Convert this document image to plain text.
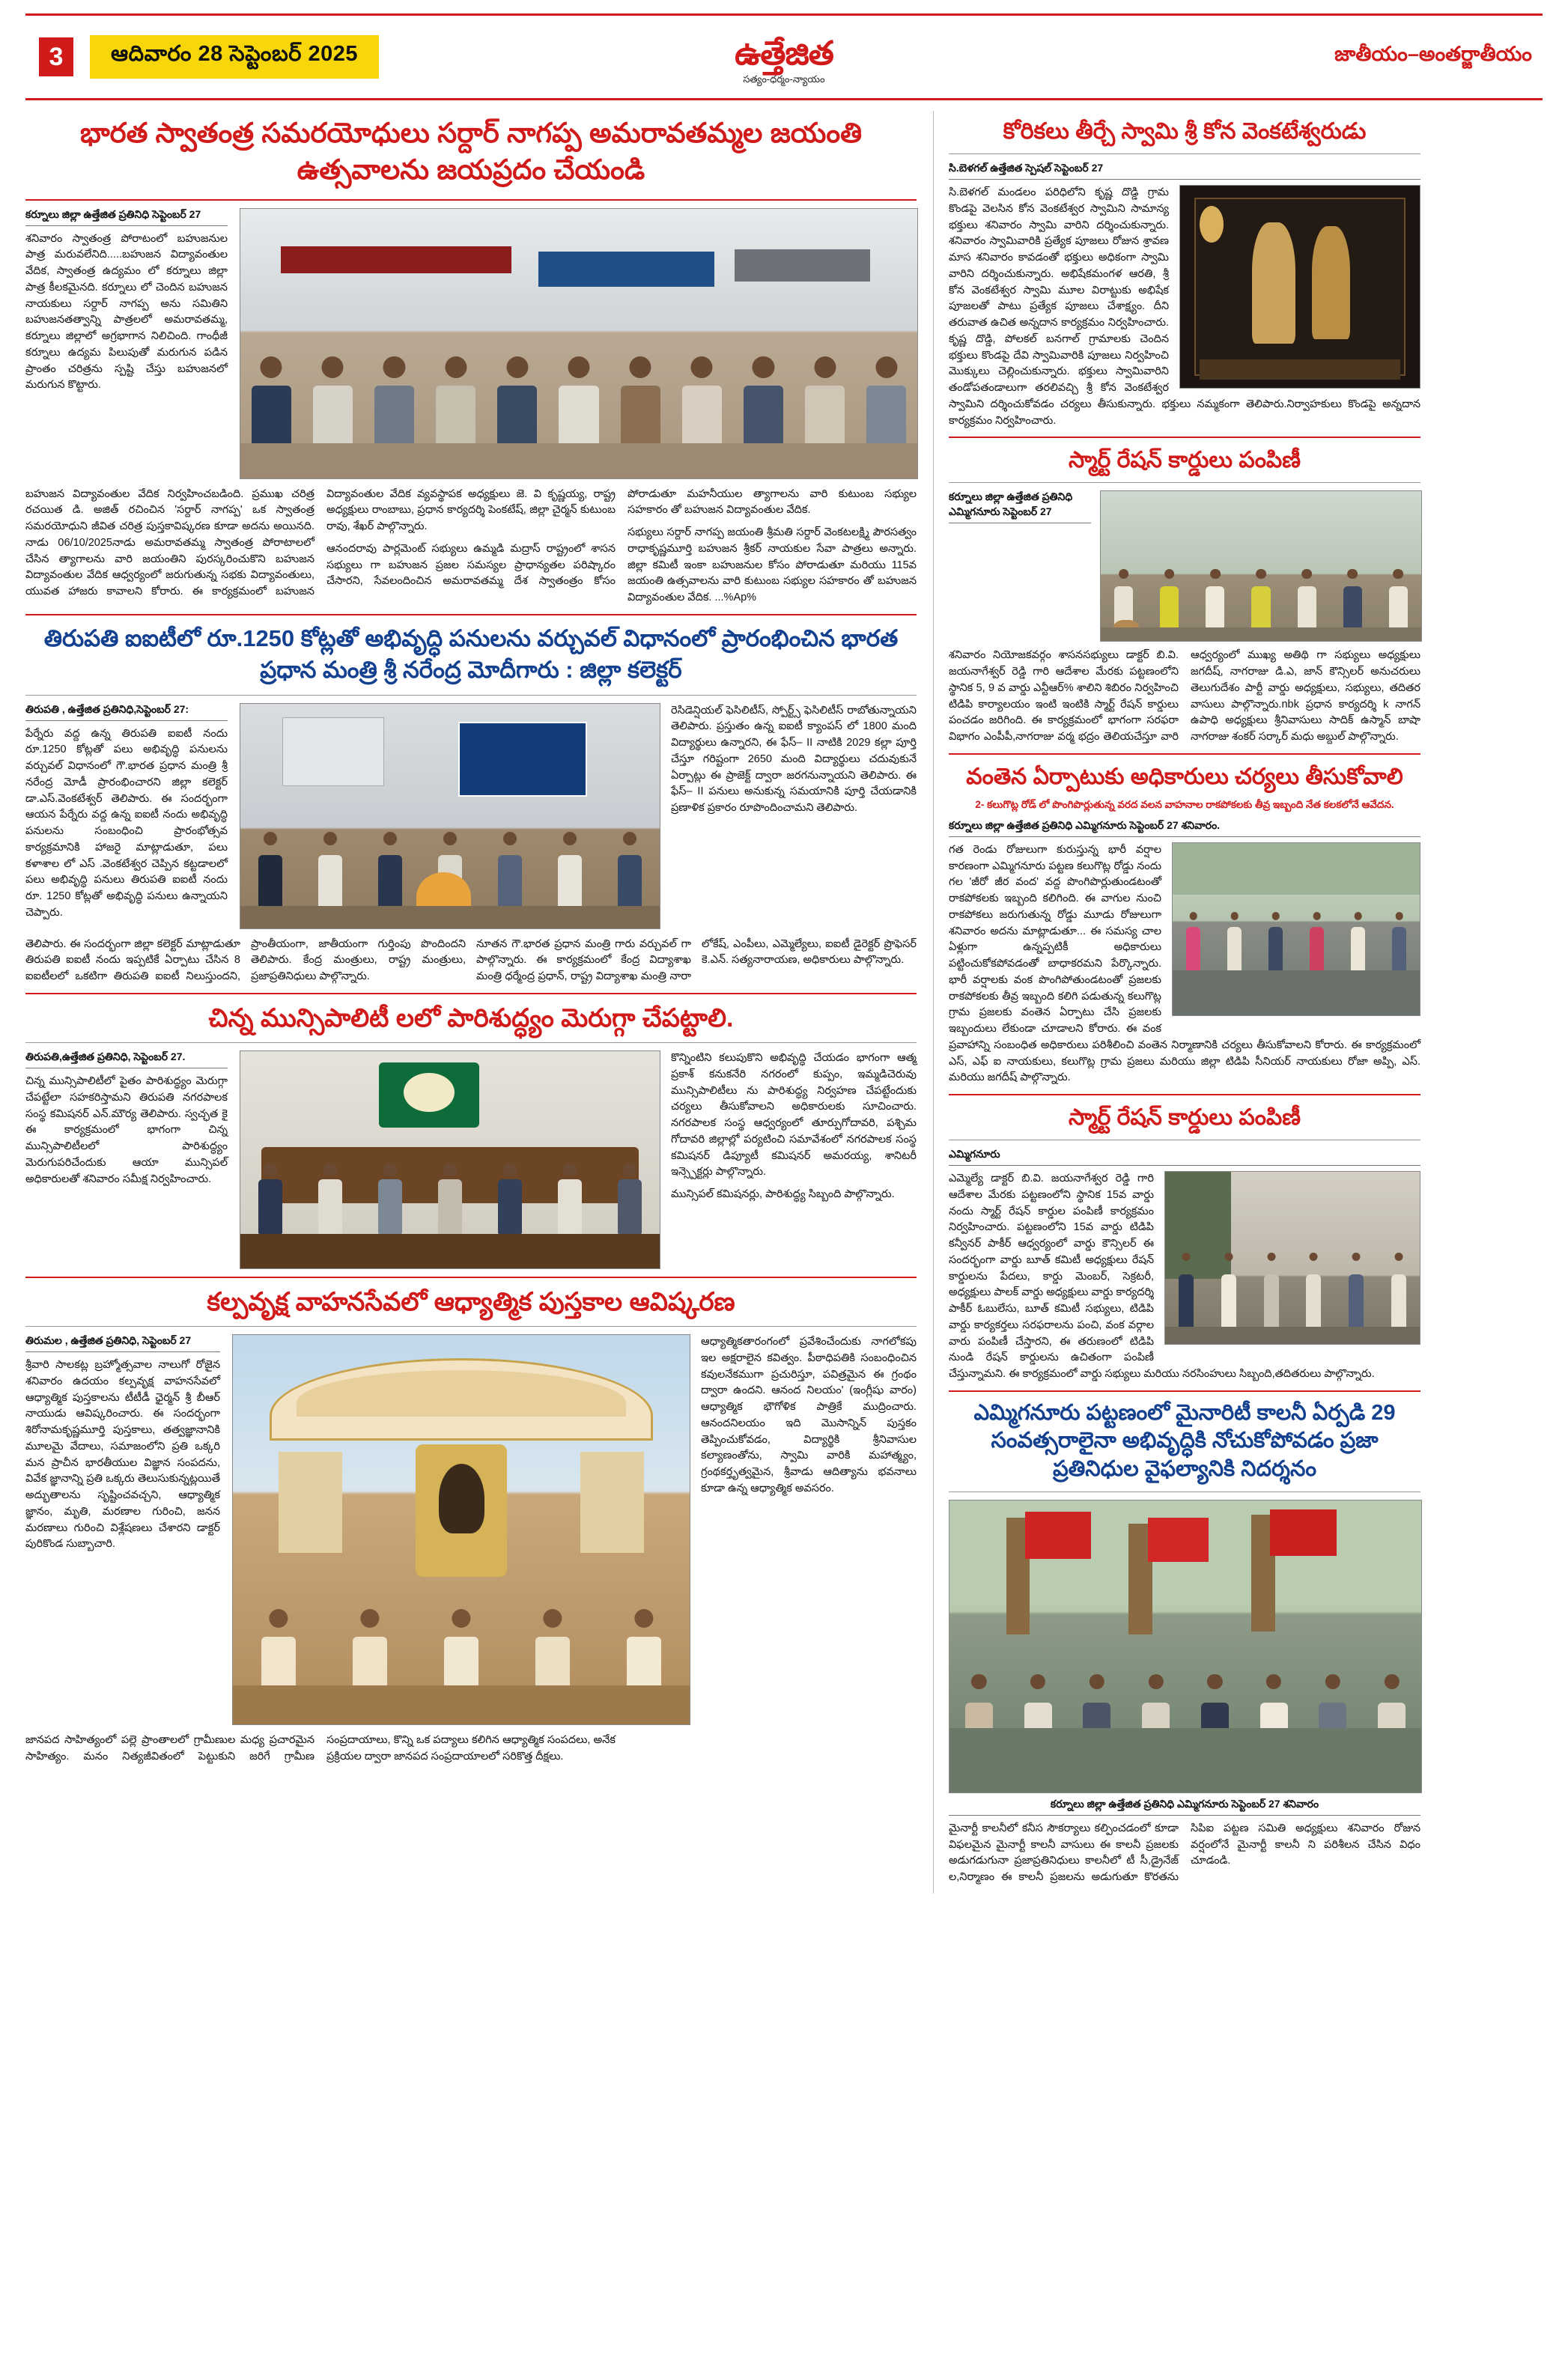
3	ఆదివారం 28 సెప్టెంబర్ 2025	ఉత్తేజిత
సత్యం-ధర్మం-న్యాయం
జాతీయం–అంతర్జాతీయం
భారత స్వాతంత్ర సమరయోధులు సర్దార్ నాగప్ప అమరావతమ్మల జయంతి ఉత్సవాలను జయప్రదం చేయండి
కర్నూలు జిల్లా ఉత్తేజిత ప్రతినిధి సెప్టెంబర్ 27
శనివారం స్వాతంత్ర పోరాటంలో బహుజనుల పాత్ర మరువలేనిది.....బహుజన విద్యావంతుల వేదిక, స్వాతంత్ర ఉద్యమం లో కర్నూలు జిల్లా పాత్ర కీలకమైనది. కర్నూలు లో చెందిన బహుజన నాయకులు సర్దార్ నాగప్ప అను సమితిని బహుజనతత్వాన్ని పాత్రలలో అమరావతమ్మ, కర్నూలు జిల్లాలో అగ్రభాగాన నిలిచింది. గాంధీజీ కర్నూలు ఉద్యమ పిలుపుతో మరుగున పడిన ప్రాంతం చరిత్రను స్పష్టి చేస్తు బహుజనలో మరుగున కొట్టారు.
బహుజన విద్యావంతుల వేదిక నిర్వహించబడింది. ప్రముఖ చరిత్ర రచయిత డి. అజిత్ రచించిన 'సర్దార్ నాగప్ప' ఒక స్వాతంత్ర సమరయోధుని జీవిత చరిత్ర పుస్తకావిష్కరణ కూడా అదను అయినది. నాడు 06/10/2025నాడు అమరావతమ్మ స్వాతంత్ర పోరాటాలలో చేసిన త్యాగాలను వారి జయంతిని పురస్కరించుకొని బహుజన విద్యావంతుల వేదిక ఆధ్వర్యంలో జరుగుతున్న సభకు విద్యావంతులు, యువత హాజరు కావాలని కోరారు. ఈ కార్యక్రమంలో బహుజన విద్యావంతుల వేదిక వ్యవస్థాపక అధ్యక్షులు జె. వి కృష్ణయ్య, రాష్ట్ర అధ్యక్షులు రాంబాబు, ప్రధాన కార్యదర్శి పెంకటేష్, జిల్లా చైర్మన్ కుటుంబ రావు, శేఖర్ పాల్గొన్నారు.
ఆనందరావు పార్లమెంట్ సభ్యులు ఉమ్మడి మద్రాస్ రాష్ట్రంలో శాసన సభ్యులు గా బహుజన ప్రజల సమస్యల ప్రాధాన్యతల పరిష్కారం చేసారని, సేవలందించిన అమరావతమ్మ దేశ స్వాతంత్రం కోసం పోరాడుతూ మహనీయుల త్యాగాలను వారి కుటుంబ సభ్యుల సహకారం తో బహుజన విద్యావంతుల వేదిక.
సభ్యులు సర్దార్ నాగప్ప జయంతి శ్రీమతి సర్దార్ వెంకటలక్ష్మి పౌరసత్వం రాధాకృష్ణమూర్తి బహుజన శ్రీకర్ నాయకుల సేవా పాత్రలు అన్నారు. జిల్లా కమిటీ ఇంకా బహుజనుల కోసం పోరాడుతూ మరియు 115వ జయంతి ఉత్సవాలను వారి కుటుంబ సభ్యుల సహకారం తో బహుజన విద్యావంతుల వేదిక. ...%Ap%
తిరుపతి ఐఐటీలో రూ.1250 కోట్లతో అభివృద్ధి పనులను వర్చువల్ విధానంలో ప్రారంభించిన భారత ప్రధాన మంత్రి శ్రీ నరేంద్ర మోదీగారు : జిల్లా కలెక్టర్
తిరుపతి , ఉత్తేజిత ప్రతినిధి,సెప్టెంబర్ 27:
పేర్నేరు వద్ద ఉన్న తిరుపతి ఐఐటీ నందు రూ.1250 కోట్లతో పలు అభివృద్ధి పనులను వర్చువల్ విధానంలో గౌ.భారత ప్రధాన మంత్రి శ్రీ నరేంద్ర మోడీ ప్రారంభించారని జిల్లా కలెక్టర్ డా.ఎస్.వెంకటేశ్వర్ తెలిపారు. ఈ సందర్భంగా ఆయన పేర్నేరు వద్ద ఉన్న ఐఐటీ నందు అభివృద్ధి పనులను సంబంధించి ప్రారంభోత్సవ కార్యక్రమానికి హాజరై మాట్లాడుతూ, పలు కళాశాల లో ఎస్ .వెంకటేశ్వర చెప్పిన కట్టడాలలో పలు అభివృద్ధి పనులు తిరుపతి ఐఐటీ నందు రూ. 1250 కోట్లతో అభివృద్ధి పనులు ఉన్నాయని చెప్పారు.
రెసిడెన్షియల్ ఫెసిలిటీస్, స్పోర్ట్స్ ఫెసిలిటీస్ రాబోతున్నాయని తెలిపారు. ప్రస్తుతం ఉన్న ఐఐటీ క్యాంపస్ లో 1800 మంది విద్యార్థులు ఉన్నారని, ఈ ఫేస్– II నాటికి 2029 కల్లా పూర్తి చేస్తూ గరిష్టంగా 2650 మంది విద్యార్థులు చదువుకునే ఏర్పాట్లు ఈ ప్రాజెక్ట్ ద్వారా జరగనున్నాయని తెలిపారు. ఈ ఫేస్– II పనులు అనుకున్న సమయానికి పూర్తి చేయడానికి ప్రణాళిక ప్రకారం రూపొందించామని తెలిపారు.
తెలిపారు. ఈ సందర్భంగా జిల్లా కలెక్టర్ మాట్లాడుతూ తిరుపతి ఐఐటీ నందు ఇప్పటికే ఏర్పాటు చేసిన 8 ఐఐటీలలో ఒకటిగా తిరుపతి ఐఐటీ నిలుస్తుందని, ప్రాంతీయంగా, జాతీయంగా గుర్తింపు పొందిందని తెలిపారు. కేంద్ర మంత్రులు, రాష్ట్ర మంత్రులు, ప్రజాప్రతినిధులు పాల్గొన్నారు.
నూతన గౌ.భారత ప్రధాన మంత్రి గారు వర్చువల్ గా పాల్గొన్నారు. ఈ కార్యక్రమంలో కేంద్ర విద్యాశాఖ మంత్రి ధర్మేంద్ర ప్రధాన్, రాష్ట్ర విద్యాశాఖ మంత్రి నారా లోకేష్, ఎంపీలు, ఎమ్మెల్యేలు, ఐఐటీ డైరెక్టర్ ప్రొఫెసర్ కె.ఎన్. సత్యనారాయణ, అధికారులు పాల్గొన్నారు.
చిన్న మున్సిపాలిటీ లలో పారిశుద్ధ్యం మెరుగ్గా చేపట్టాలి.
తిరుపతి,ఉత్తేజిత ప్రతినిధి, సెప్టెంబర్ 27.
చిన్న మున్సిపాలిటీలో పైతం పారిశుద్ధ్యం మెరుగ్గా చేపట్టేలా సహకరిస్తామని తిరుపతి నగరపాలక సంస్థ కమిషనర్ ఎన్.మౌర్య తెలిపారు. స్వచ్ఛత కై ఈ కార్యక్రమంలో భాగంగా చిన్న మున్సిపాలిటీలలో పారిశుద్ధ్యం మెరుగుపరిచేందుకు ఆయా మున్సిపల్ అధికారులతో శనివారం సమీక్ష నిర్వహించారు.
కొన్నింటిని కలుపుకొని అభివృద్ధి చేయడం భాగంగా ఆత్మ ప్రకాశ్ కనుకనేరి నగరంలో కుప్పం, ఇమ్మడిచెరువు మున్సిపాలిటీలు ను పారిశుద్ధ్య నిర్వహణ చేపట్టేందుకు చర్యలు తీసుకోవాలని అధికారులకు సూచించారు. నగరపాలక సంస్థ ఆధ్వర్యంలో తూర్పుగోదావరి, పశ్చిమ గోదావరి జిల్లాల్లో పర్యటించి సమావేశంలో నగరపాలక సంస్థ కమిషనర్ డిప్యూటీ కమిషనర్ అమరయ్య, శానిటరీ ఇన్స్పెక్టర్లు పాల్గొన్నారు.
మున్సిపల్ కమిషనర్లు, పారిశుద్ధ్య సిబ్బంది పాల్గొన్నారు.
కల్పవృక్ష వాహనసేవలో ఆధ్యాత్మిక పుస్తకాల ఆవిష్కరణ
తిరుమల , ఉత్తేజిత ప్రతినిధి, సెప్టెంబర్ 27
శ్రీవారి సాలకట్ల బ్రహ్మోత్సవాల నాలుగో రోజైన శనివారం ఉదయం కల్పవృక్ష వాహనసేవలో ఆధ్యాత్మిక పుస్తకాలను టీటీడీ ఛైర్మన్ శ్రీ బీఆర్ నాయుడు ఆవిష్కరించారు. ఈ సందర్భంగా శిరోనామకృష్ణమూర్తి పుస్తకాలు, తత్వజ్ఞానానికి మూలమై వేదాలు, సమాజంలోని ప్రతి ఒక్కరి మన ప్రాచీన భారతీయుల విజ్ఞాన సంపదను, వివేక జ్ఞానాన్ని ప్రతి ఒక్కరు తెలుసుకున్నట్లయితే అద్భుతాలను సృష్టించవచ్చని, ఆధ్యాత్మిక జ్ఞానం, మృతి, మరణాల గురించి, జనన మరణాలు గురించి విశ్లేషణలు చేశారని డాక్టర్ పురికొండ సుబ్బాచారి.
ఆధ్యాత్మికతారంగంలో ప్రవేశించేందుకు నాగలోకపు ఇల అక్షరాలైన కవిత్వం. పీఠాధిపతికి సంబంధించిన కవులనేకముగా ప్రచురిస్తూ, పవిత్రమైన ఈ గ్రంథం ద్వారా ఉందని. ఆనంద నిలయం' (ఇంగ్లీషు వారం) ఆధ్యాత్మిక భౌగోళిక పాత్రికే ముద్రించారు. ఆనందనిలయం ఇది మెుసాన్నిన్ పుస్తకం తెప్పించుకోవడం, విద్యార్థికి శ్రీనివాసుల కల్యాణంతోను, స్వామి వారికి మహాత్మ్యం, గ్రంథకర్తృత్వమైన, శ్రీవాడు ఆదిత్యాను భవనాలు కూడా ఉన్న ఆధ్యాత్మిక అవసరం.
జానపద సాహిత్యంలో పల్లె ప్రాంతాలలో గ్రామీణుల మధ్య ప్రచారమైన సాహిత్యం. మనం నిత్యజీవితంలో పెట్టుకుని జరిగే గ్రామీణ సంప్రదాయాలు, కొన్ని ఒక పద్యాలు కలిగిన ఆధ్యాత్మిక సంపదలు, అనేక ప్రక్రియల ద్వారా జానపద సంప్రదాయాలలో సరికొత్త దీక్షలు.
కోరికలు తీర్చే స్వామి శ్రీ కోన వెంకటేశ్వరుడు
సి.బెళగల్ ఉత్తేజిత స్పెషల్ సెప్టెంబర్ 27
సి.బెళగల్ మండలం పరిధిలోని కృష్ణ దొడ్డి గ్రామ కొండపై వెలసిన కోన వెంకటేశ్వర స్వామిని సామాన్య భక్తులు శనివారం స్వామి వారిని దర్శించుకున్నారు. శనివారం స్వామివారికి ప్రత్యేక పూజలు రోజున శ్రావణ మాస శనివారం కావడంతో భక్తులు అధికంగా స్వామి వారిని దర్శించుకున్నారు. అభిషేకమంగళ ఆరతి, శ్రీ కోన వెంకటేశ్వర స్వామి మూల విరాట్టుకు అభిషేక పూజలతో పాటు ప్రత్యేక పూజలు చేశాక్ష్యం. దీని తరువాత ఉచిత అన్నదాన కార్యక్రమం నిర్వహించారు. కృష్ణ దొడ్డి, పోలకల్ బనగాల్ గ్రామాలకు చెందిన భక్తులు కొండపై దేవి స్వామివారికి పూజలు నిర్వహించి మొక్కులు చెల్లించుకున్నారు. భక్తులు స్వామివారిని తండోపతండాలుగా తరలివచ్చి శ్రీ కోన వెంకటేశ్వర స్వామిని దర్శించుకోవడం చర్యలు తీసుకున్నారు. భక్తులు నమ్మకంగా తెలిపారు.నిర్వాహకులు కొండపై అన్నదాన కార్యక్రమం నిర్వహించారు.
స్మార్ట్ రేషన్ కార్డులు పంపిణీ
కర్నూలు జిల్లా ఉత్తేజిత ప్రతినిధి ఎమ్మిగనూరు సెప్టెంబర్ 27
శనివారం నియోజకవర్గం శాసనసభ్యులు డాక్టర్ బి.వి. జయనాగేశ్వర్ రెడ్డి గారి ఆదేశాల మేరకు పట్టణంలోని స్థానిక 5, 9 వ వార్డు ఎన్టీఆర్% శాలిని శిబిరం నిర్వహించి టిడిపి కార్యాలయం ఇంటి ఇంటికి స్మార్ట్ రేషన్ కార్డులు పంచడం జరిగింది. ఈ కార్యక్రమంలో భాగంగా సరఫరా విభాగం ఎంపీపీ,నాగరాజు వర్మ భద్రం తెలియచేస్తూ వారి ఆధ్వర్యంలో ముఖ్య అతిథి గా సభ్యులు అధ్యక్షులు జగదీష్, నాగరాజు డి.ఎ, జాన్ కౌన్సిలర్ అనుచరులు తెలుగుదేశం పార్టీ వార్డు అధ్యక్షులు, సభ్యులు, తదితర వాసులు పాల్గొన్నారు.nbk ప్రధాన కార్యదర్శి k నాగన్ ఉపాధి అధ్యక్షులు శ్రీనివాసులు సాదిక్ ఉస్మాన్ బాషా నాగరాజు శంకర్ సర్కార్ మధు అబ్దుల్ పాల్గొన్నారు.
వంతెన ఏర్పాటుకు అధికారులు చర్యలు తీసుకోవాలి
2- కలుగొట్ల రోడ్ లో పొంగిపొర్లుతున్న వరద వలన వాహనాల రాకపోకలకు తీవ్ర ఇబ్బంది నేత కలకలోనే ఆవేదన.
కర్నూలు జిల్లా ఉత్తేజిత ప్రతినిధి ఎమ్మిగనూరు సెప్టెంబర్ 27 శనివారం.
గత రెండు రోజులుగా కురుస్తున్న భారీ వర్షాల కారణంగా ఎమ్మిగనూరు పట్టణ కలుగొట్ల రోడ్డు నందు గల 'జీరో జీర వంద' వద్ద పొంగిపొర్లుతుండటంతో రాకపోకలకు ఇబ్బంది కలిగింది. ఈ వాగుల నుంచి రాకపోకలు జరుగుతున్న రోడ్డు మూడు రోజులుగా శనివారం అదను మాట్లాడుతూ... ఈ సమస్య చాల ఏళ్లుగా ఉన్నప్పటికీ అధికారులు పట్టించుకోకపోవడంతో బాధాకరమని పేర్కొన్నారు. భారీ వర్షాలకు వంక పొంగిపోతుండటంతో ప్రజలకు రాకపోకలకు తీవ్ర ఇబ్బంది కలిగి పడుతున్న కలుగొట్ల గ్రామ ప్రజలకు వంతెన ఏర్పాటు చేసి ప్రజలకు ఇబ్బందులు లేకుండా చూడాలని కోరారు. ఈ వంక ప్రవాహాన్ని సంబంధిత అధికారులు పరిశీలించి వంతెన నిర్మాణానికి చర్యలు తీసుకోవాలని కోరారు. ఈ కార్యక్రమంలో ఎస్, ఎఫ్ ఐ నాయకులు, కలుగొట్ల గ్రామ ప్రజలు మరియు జిల్లా టిడిపి సీనియర్ నాయకులు రోజా అప్పి, ఎస్. మరియు జగదీష్ పాల్గొన్నారు.
స్మార్ట్ రేషన్ కార్డులు పంపిణీ
ఎమ్మిగనూరు
ఎమ్మెల్యే డాక్టర్ బి.వి. జయనాగేశ్వర రెడ్డి గారి ఆదేశాల మేరకు పట్టణంలోని స్థానిక 15వ వార్డు నందు స్మార్ట్ రేషన్ కార్డుల పంపిణీ కార్యక్రమం నిర్వహించారు. పట్టణంలోని 15వ వార్డు టిడిపి కన్వీనర్ పాకీర్ ఆధ్వర్యంలో వార్డు కౌన్సిలర్ ఈ సందర్భంగా వార్డు బూత్ కమిటీ అధ్యక్షులు రేషన్ కార్డులను పేదలు, కార్డు మెంబర్, సెక్రటరీ, అధ్యక్షులు పాలక్ వార్డు అధ్యక్షులు వార్డు కార్యదర్శి పాకీర్ ఓబులేసు, బూత్ కమిటీ సభ్యులు, టిడిపి వార్డు కార్యకర్తలు సరఫరాలను పంచి, వంక వర్గాల వారు పంపిణీ చేస్తారని, ఈ తరుణంలో టిడిపి నుండి రేషన్ కార్డులను ఉచితంగా పంపిణీ చేస్తున్నామని. ఈ కార్యక్రమంలో వార్డు సభ్యులు మరియు నరసింహులు సిబ్బంది,తదితరులు పాల్గొన్నారు.
ఎమ్మిగనూరు పట్టణంలో మైనారిటీ కాలనీ ఏర్పడి 29 సంవత్సరాలైనా అభివృద్ధికి నోచుకోపోవడం ప్రజా ప్రతినిధుల వైఫల్యానికి నిదర్శనం
కర్నూలు జిల్లా ఉత్తేజిత ప్రతినిధి ఎమ్మిగనూరు సెప్టెంబర్ 27 శనివారం
మైనార్టీ కాలనీలో కనీస సౌకర్యాలు కల్పించడంలో కూడా విఫలమైన మైనార్టీ కాలనీ వాసులు ఈ కాలనీ ప్రజలకు అడుగడుగునా ప్రజాప్రతినిధులు కాలనీలో టీ సీ,డ్రైనేజ్ ల,నిర్మాణం ఈ కాలనీ ప్రజలను అడుగుతూ కొరతను సిపిఐ పట్టణ సమితి అధ్యక్షులు శనివారం రోజున వర్షంలోనే మైనార్టీ కాలనీ ని పరిశీలన చేసిన విధం చూడండి.
